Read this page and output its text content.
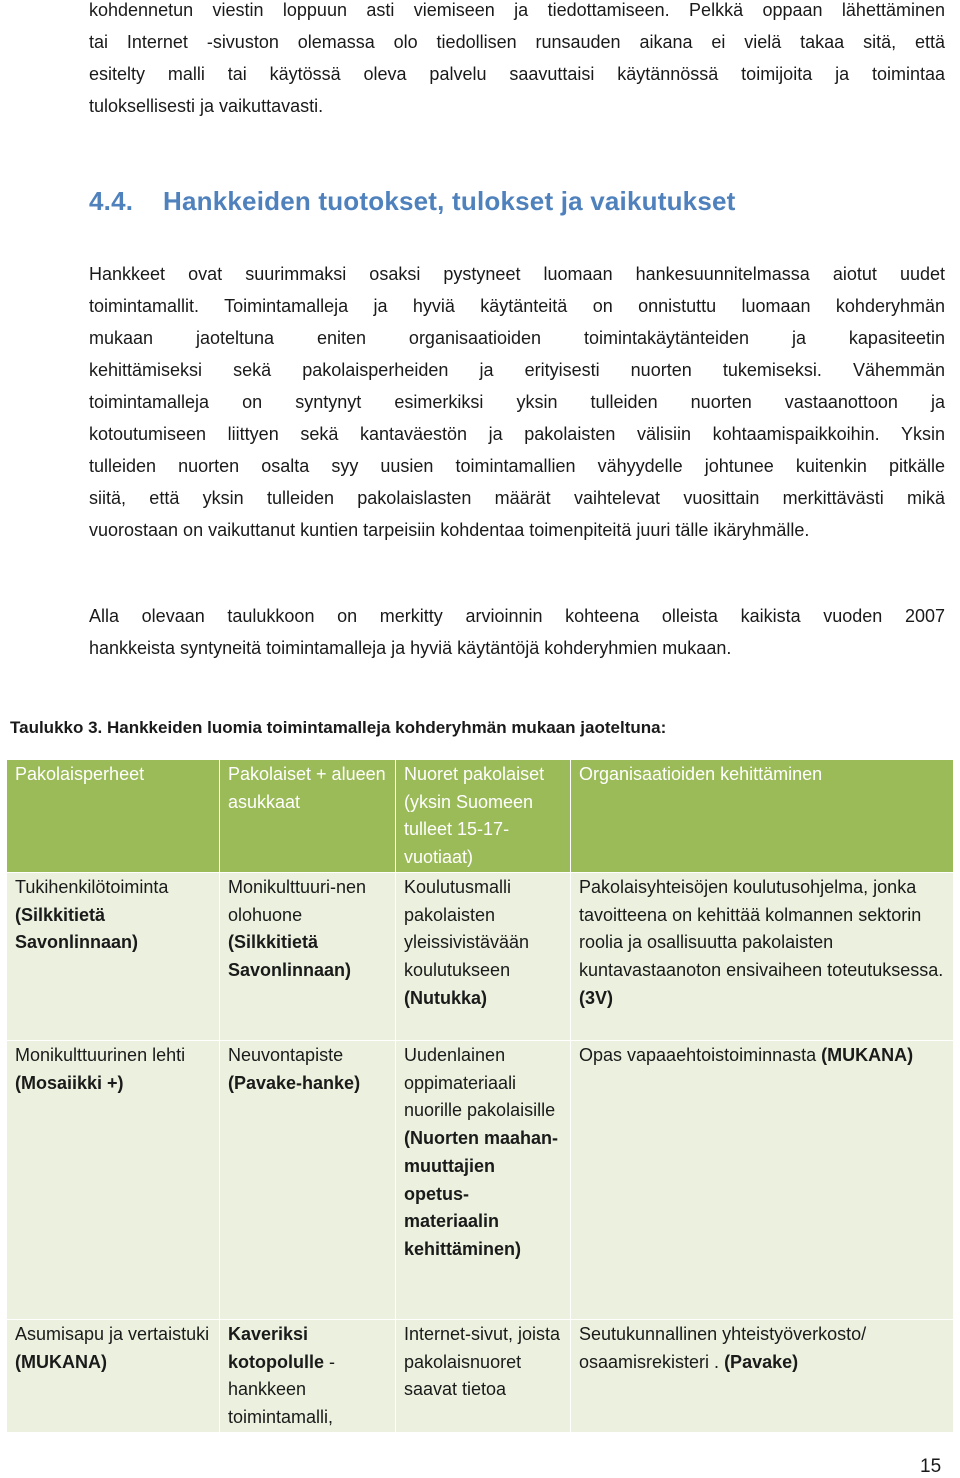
kohdennetun viestin loppuun asti viemiseen ja tiedottamiseen. Pelkkä oppaan lähettäminen
tai Internet -sivuston olemassa olo tiedollisen runsauden aikana ei vielä takaa sitä, että
esitelty malli tai käytössä oleva palvelu saavuttaisi käytännössä toimijoita ja toimintaa
tuloksellisesti ja vaikuttavasti.

4.4. Hankkeiden tuotokset, tulokset ja vaikutukset

Hankkeet ovat suurimmaksi osaksi pystyneet luomaan hankesuunnitelmassa aiotut uudet
toimintamallit. Toimintamalleja ja hyviä käytänteitä on onnistuttu luomaan kohderyhmän
mukaan jaoteltuna eniten organisaatioiden toimintakäytänteiden ja kapasiteetin
kehittämiseksi sekä pakolaisperheiden ja erityisesti nuorten tukemiseksi. Vähemmän
toimintamalleja on syntynyt esimerkiksi yksin tulleiden nuorten vastaanottoon ja
kotoutumiseen liittyen sekä kantaväestön ja pakolaisten välisiin kohtaamispaikkoihin. Yksin
tulleiden nuorten osalta syy uusien toimintamallien vähyydelle johtunee kuitenkin pitkälle
siitä, että yksin tulleiden pakolaislasten määrät vaihtelevat vuosittain merkittävästi mikä
vuorostaan on vaikuttanut kuntien tarpeisiin kohdentaa toimenpiteitä juuri tälle ikäryhmälle.

Alla olevaan taulukkoon on merkitty arvioinnin kohteena olleista kaikista vuoden 2007
hankkeista syntyneitä toimintamalleja ja hyviä käytäntöjä kohderyhmien mukaan.

Taulukko 3. Hankkeiden luomia toimintamalleja kohderyhmän mukaan jaoteltuna:

Pakolaisperheet	Pakolaiset + alueen asukkaat	Nuoret pakolaiset (yksin Suomeen tulleet 15-17-vuotiaat)	Organisaatioiden kehittäminen
Tukihenkilötoiminta (Silkkitietä Savonlinnaan)	Monikulttuuri-nen olohuone (Silkkitietä Savonlinnaan)	Koulutusmalli pakolaisten yleissivistävään koulutukseen (Nutukka)	Pakolaisyhteisöjen koulutusohjelma, jonka tavoitteena on kehittää kolmannen sektorin roolia ja osallisuutta pakolaisten kuntavastaanoton ensivaiheen toteutuksessa. (3V)
Monikulttuurinen lehti (Mosaiikki +)	Neuvontapiste (Pavake-hanke)	Uudenlainen oppimateriaali nuorille pakolaisille (Nuorten maahan-muuttajien opetus-materiaalin kehittäminen)	Opas vapaaehtoistoiminnasta (MUKANA)
Asumisapu ja vertaistuki (MUKANA)	Kaveriksi kotopolulle - hankkeen toimintamalli,	Internet-sivut, joista pakolaisnuoret saavat tietoa	Seutukunnallinen yhteistyöverkosto/ osaamisrekisteri . (Pavake)
15
